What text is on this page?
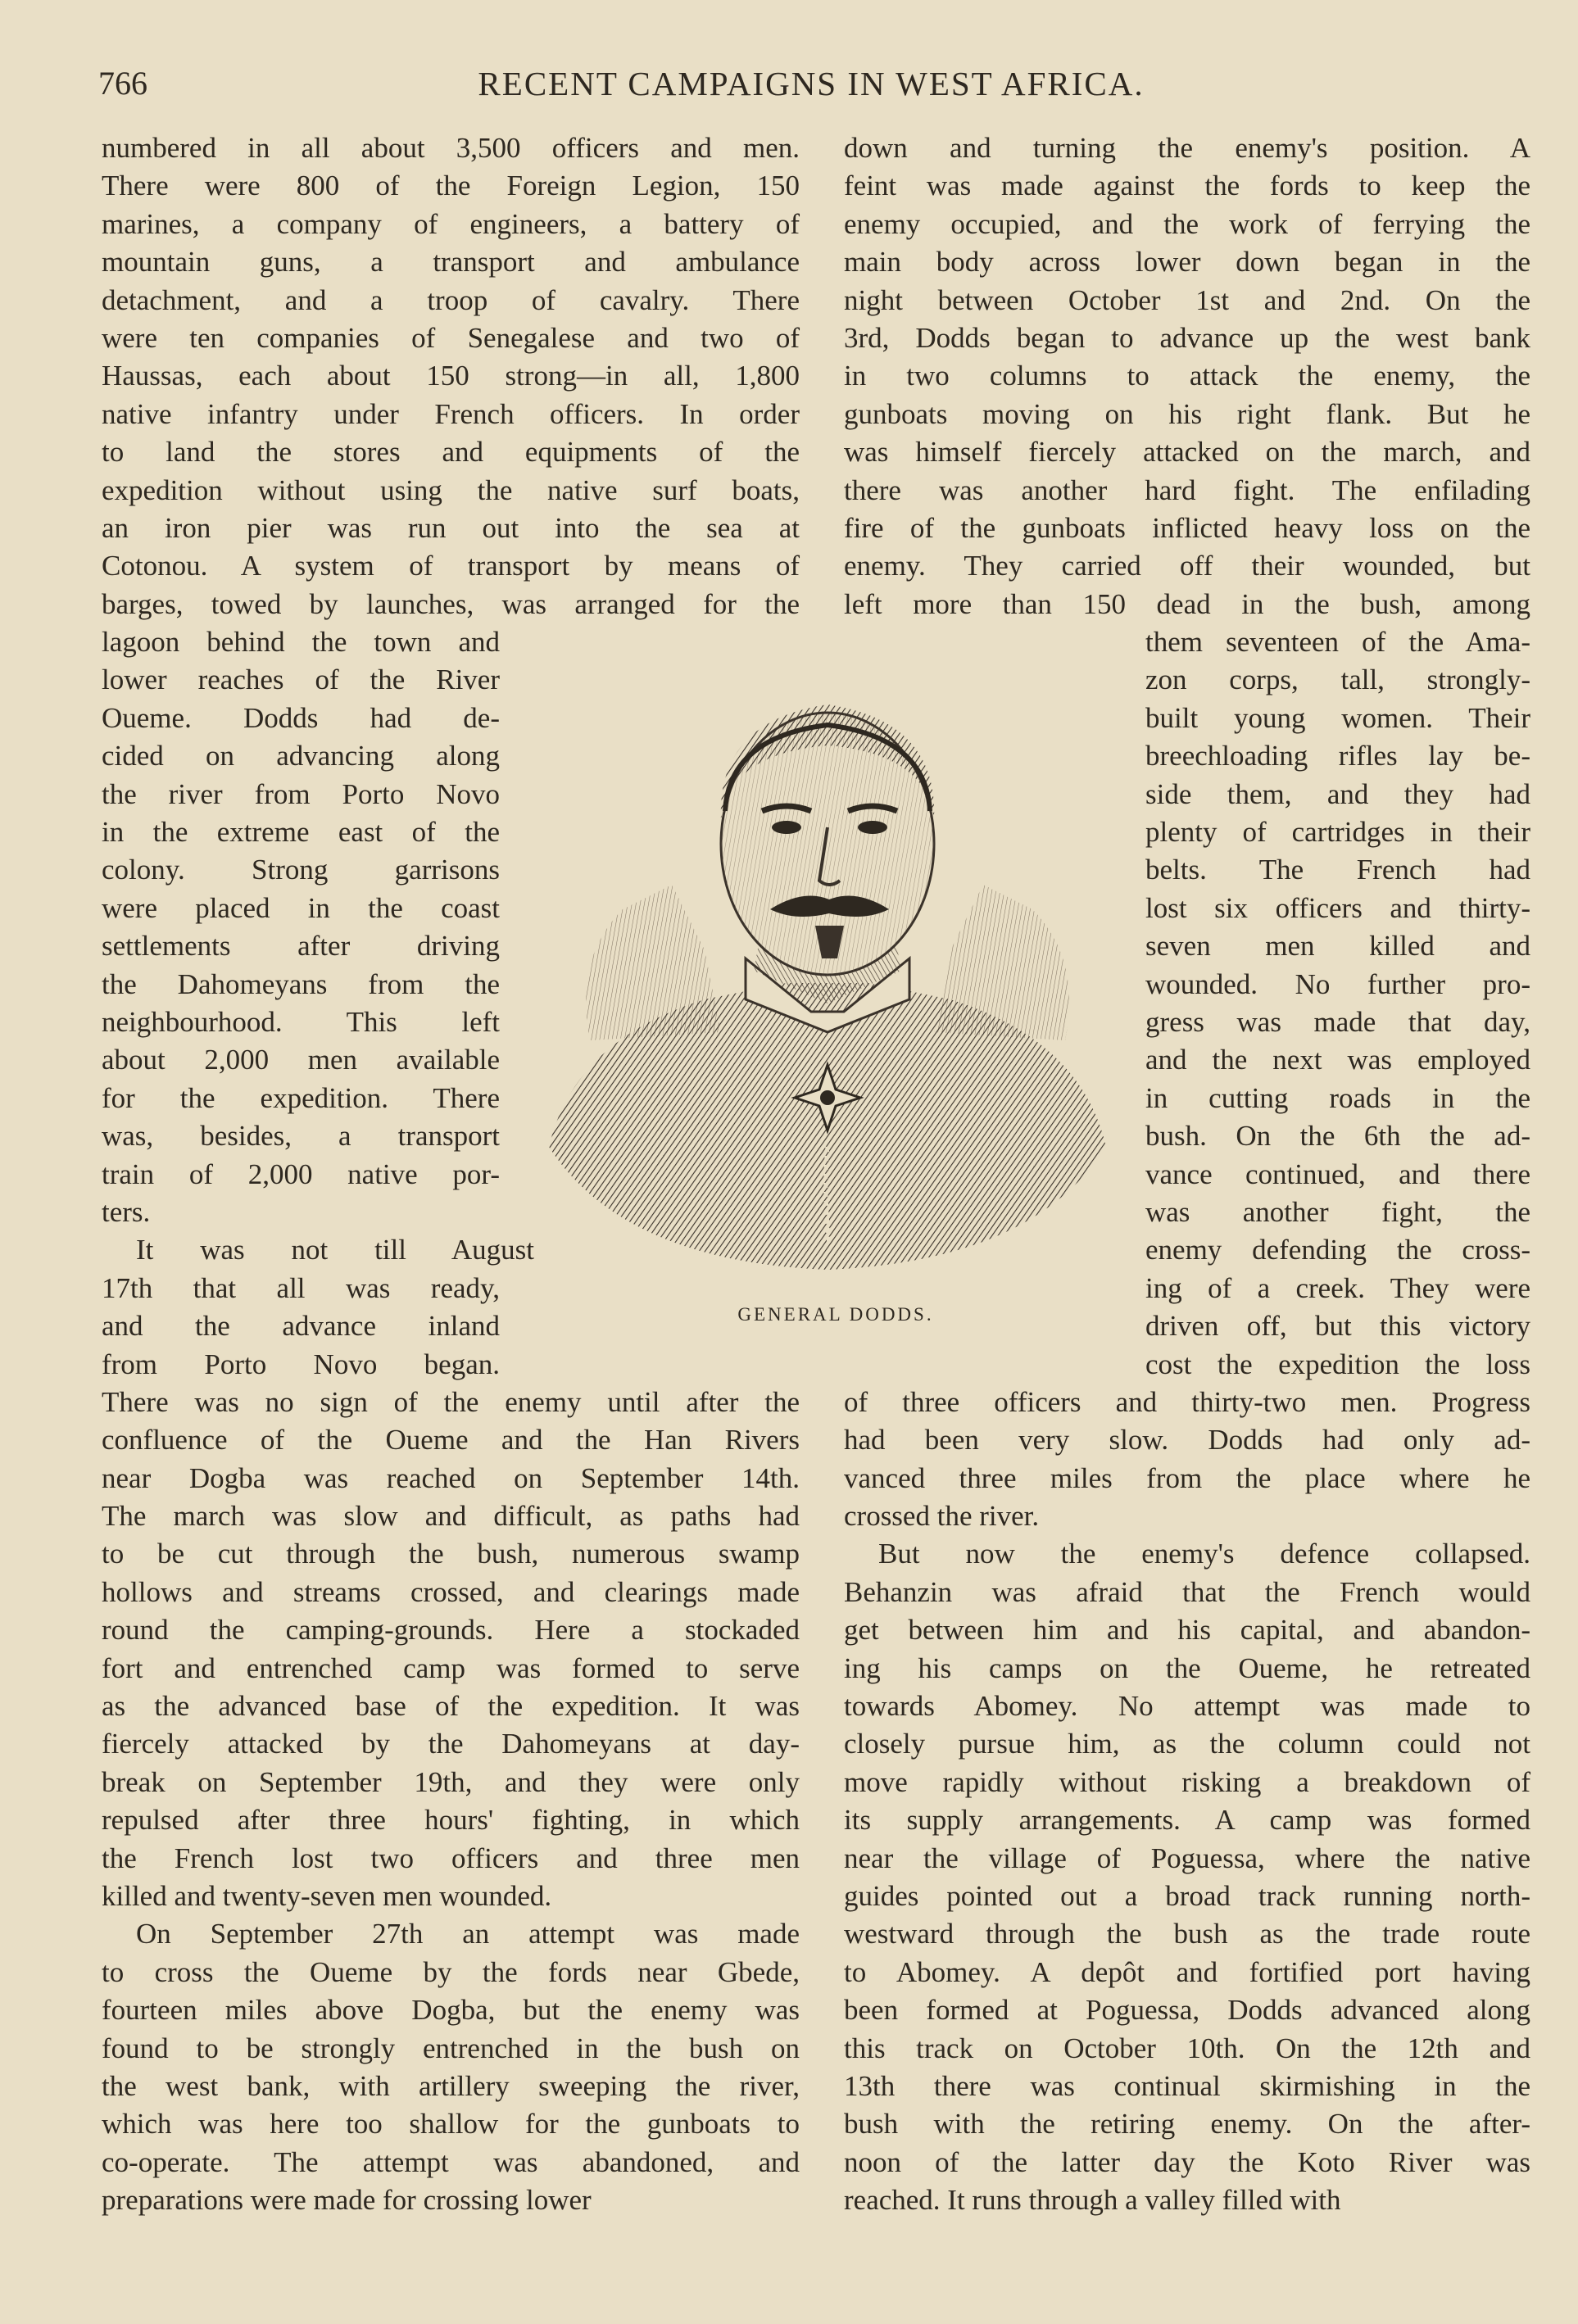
766	RECENT CAMPAIGNS IN WEST AFRICA.
numbered in all about 3,500 officers and men.
There were 800 of the Foreign Legion, 150
marines, a company of engineers, a battery of
mountain guns, a transport and ambulance
detachment, and a troop of cavalry. There
were ten companies of Senegalese and two of
Haussas, each about 150 strong—in all, 1,800
native infantry under French officers. In order
to land the stores and equipments of the
expedition without using the native surf boats,
an iron pier was run out into the sea at
Cotonou. A system of transport by means of
barges, towed by launches, was arranged for the
lagoon behind the town and
lower reaches of the River
Oueme. Dodds had de-
cided on advancing along
the river from Porto Novo
in the extreme east of the
colony. Strong garrisons
were placed in the coast
settlements after driving
the Dahomeyans from the
neighbourhood. This left
about 2,000 men available
for the expedition. There
was, besides, a transport
train of 2,000 native por-
ters.
It was not till August
17th that all was ready,
and the advance inland
from Porto Novo began.
There was no sign of the enemy until after the
confluence of the Oueme and the Han Rivers
near Dogba was reached on September 14th.
The march was slow and difficult, as paths had
to be cut through the bush, numerous swamp
hollows and streams crossed, and clearings made
round the camping-grounds. Here a stockaded
fort and entrenched camp was formed to serve
as the advanced base of the expedition. It was
fiercely attacked by the Dahomeyans at day-
break on September 19th, and they were only
repulsed after three hours' fighting, in which
the French lost two officers and three men
killed and twenty-seven men wounded.
On September 27th an attempt was made
to cross the Oueme by the fords near Gbede,
fourteen miles above Dogba, but the enemy was
found to be strongly entrenched in the bush on
the west bank, with artillery sweeping the river,
which was here too shallow for the gunboats to
co-operate. The attempt was abandoned, and
preparations were made for crossing lower
down and turning the enemy's position. A
feint was made against the fords to keep the
enemy occupied, and the work of ferrying the
main body across lower down began in the
night between October 1st and 2nd. On the
3rd, Dodds began to advance up the west bank
in two columns to attack the enemy, the
gunboats moving on his right flank. But he
was himself fiercely attacked on the march, and
there was another hard fight. The enfilading
fire of the gunboats inflicted heavy loss on the
enemy. They carried off their wounded, but
left more than 150 dead in the bush, among
them seventeen of the Ama-
zon corps, tall, strongly-
built young women. Their
breechloading rifles lay be-
side them, and they had
plenty of cartridges in their
belts. The French had
lost six officers and thirty-
seven men killed and
wounded. No further pro-
gress was made that day,
and the next was employed
in cutting roads in the
bush. On the 6th the ad-
vance continued, and there
was another fight, the
enemy defending the cross-
ing of a creek. They were
driven off, but this victory
cost the expedition the loss
of three officers and thirty-two men. Progress
had been very slow. Dodds had only ad-
vanced three miles from the place where he
crossed the river.
But now the enemy's defence collapsed.
Behanzin was afraid that the French would
get between him and his capital, and abandon-
ing his camps on the Oueme, he retreated
towards Abomey. No attempt was made to
closely pursue him, as the column could not
move rapidly without risking a breakdown of
its supply arrangements. A camp was formed
near the village of Poguessa, where the native
guides pointed out a broad track running north-
westward through the bush as the trade route
to Abomey. A depôt and fortified port having
been formed at Poguessa, Dodds advanced along
this track on October 10th. On the 12th and
13th there was continual skirmishing in the
bush with the retiring enemy. On the after-
noon of the latter day the Koto River was
reached. It runs through a valley filled with
GENERAL DODDS.
